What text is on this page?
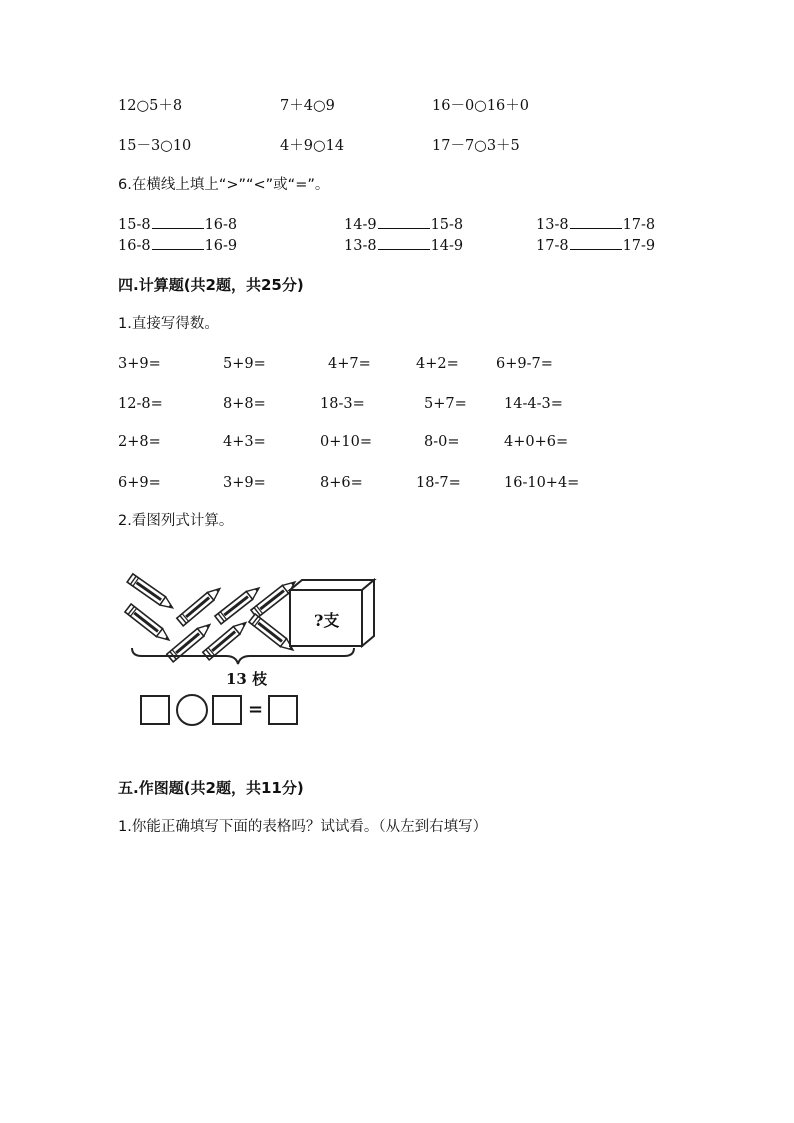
12○5＋8	7＋4○9	16－0○16＋0
15－3○10	4＋9○14	17－7○3＋5
6.在横线上填上“>”“<”或“=”。
15-8	16-8	14-9	15-8	13-8	17-8
16-8	16-9	13-8	14-9	17-8	17-9
四.计算题(共2题，共25分)
1.直接写得数。
3+9=	5+9=	4+7=	4+2=	6+9-7=
12-8=	8+8=	18-3=	5+7=	14-4-3=
2+8=	4+3=	0+10=	8-0=	4+0+6=
6+9=	3+9=	8+6=	18-7=	16-10+4=
2.看图列式计算。
?支
13 枝
=
五.作图题(共2题，共11分)
1.你能正确填写下面的表格吗？试试看。（从左到右填写）
